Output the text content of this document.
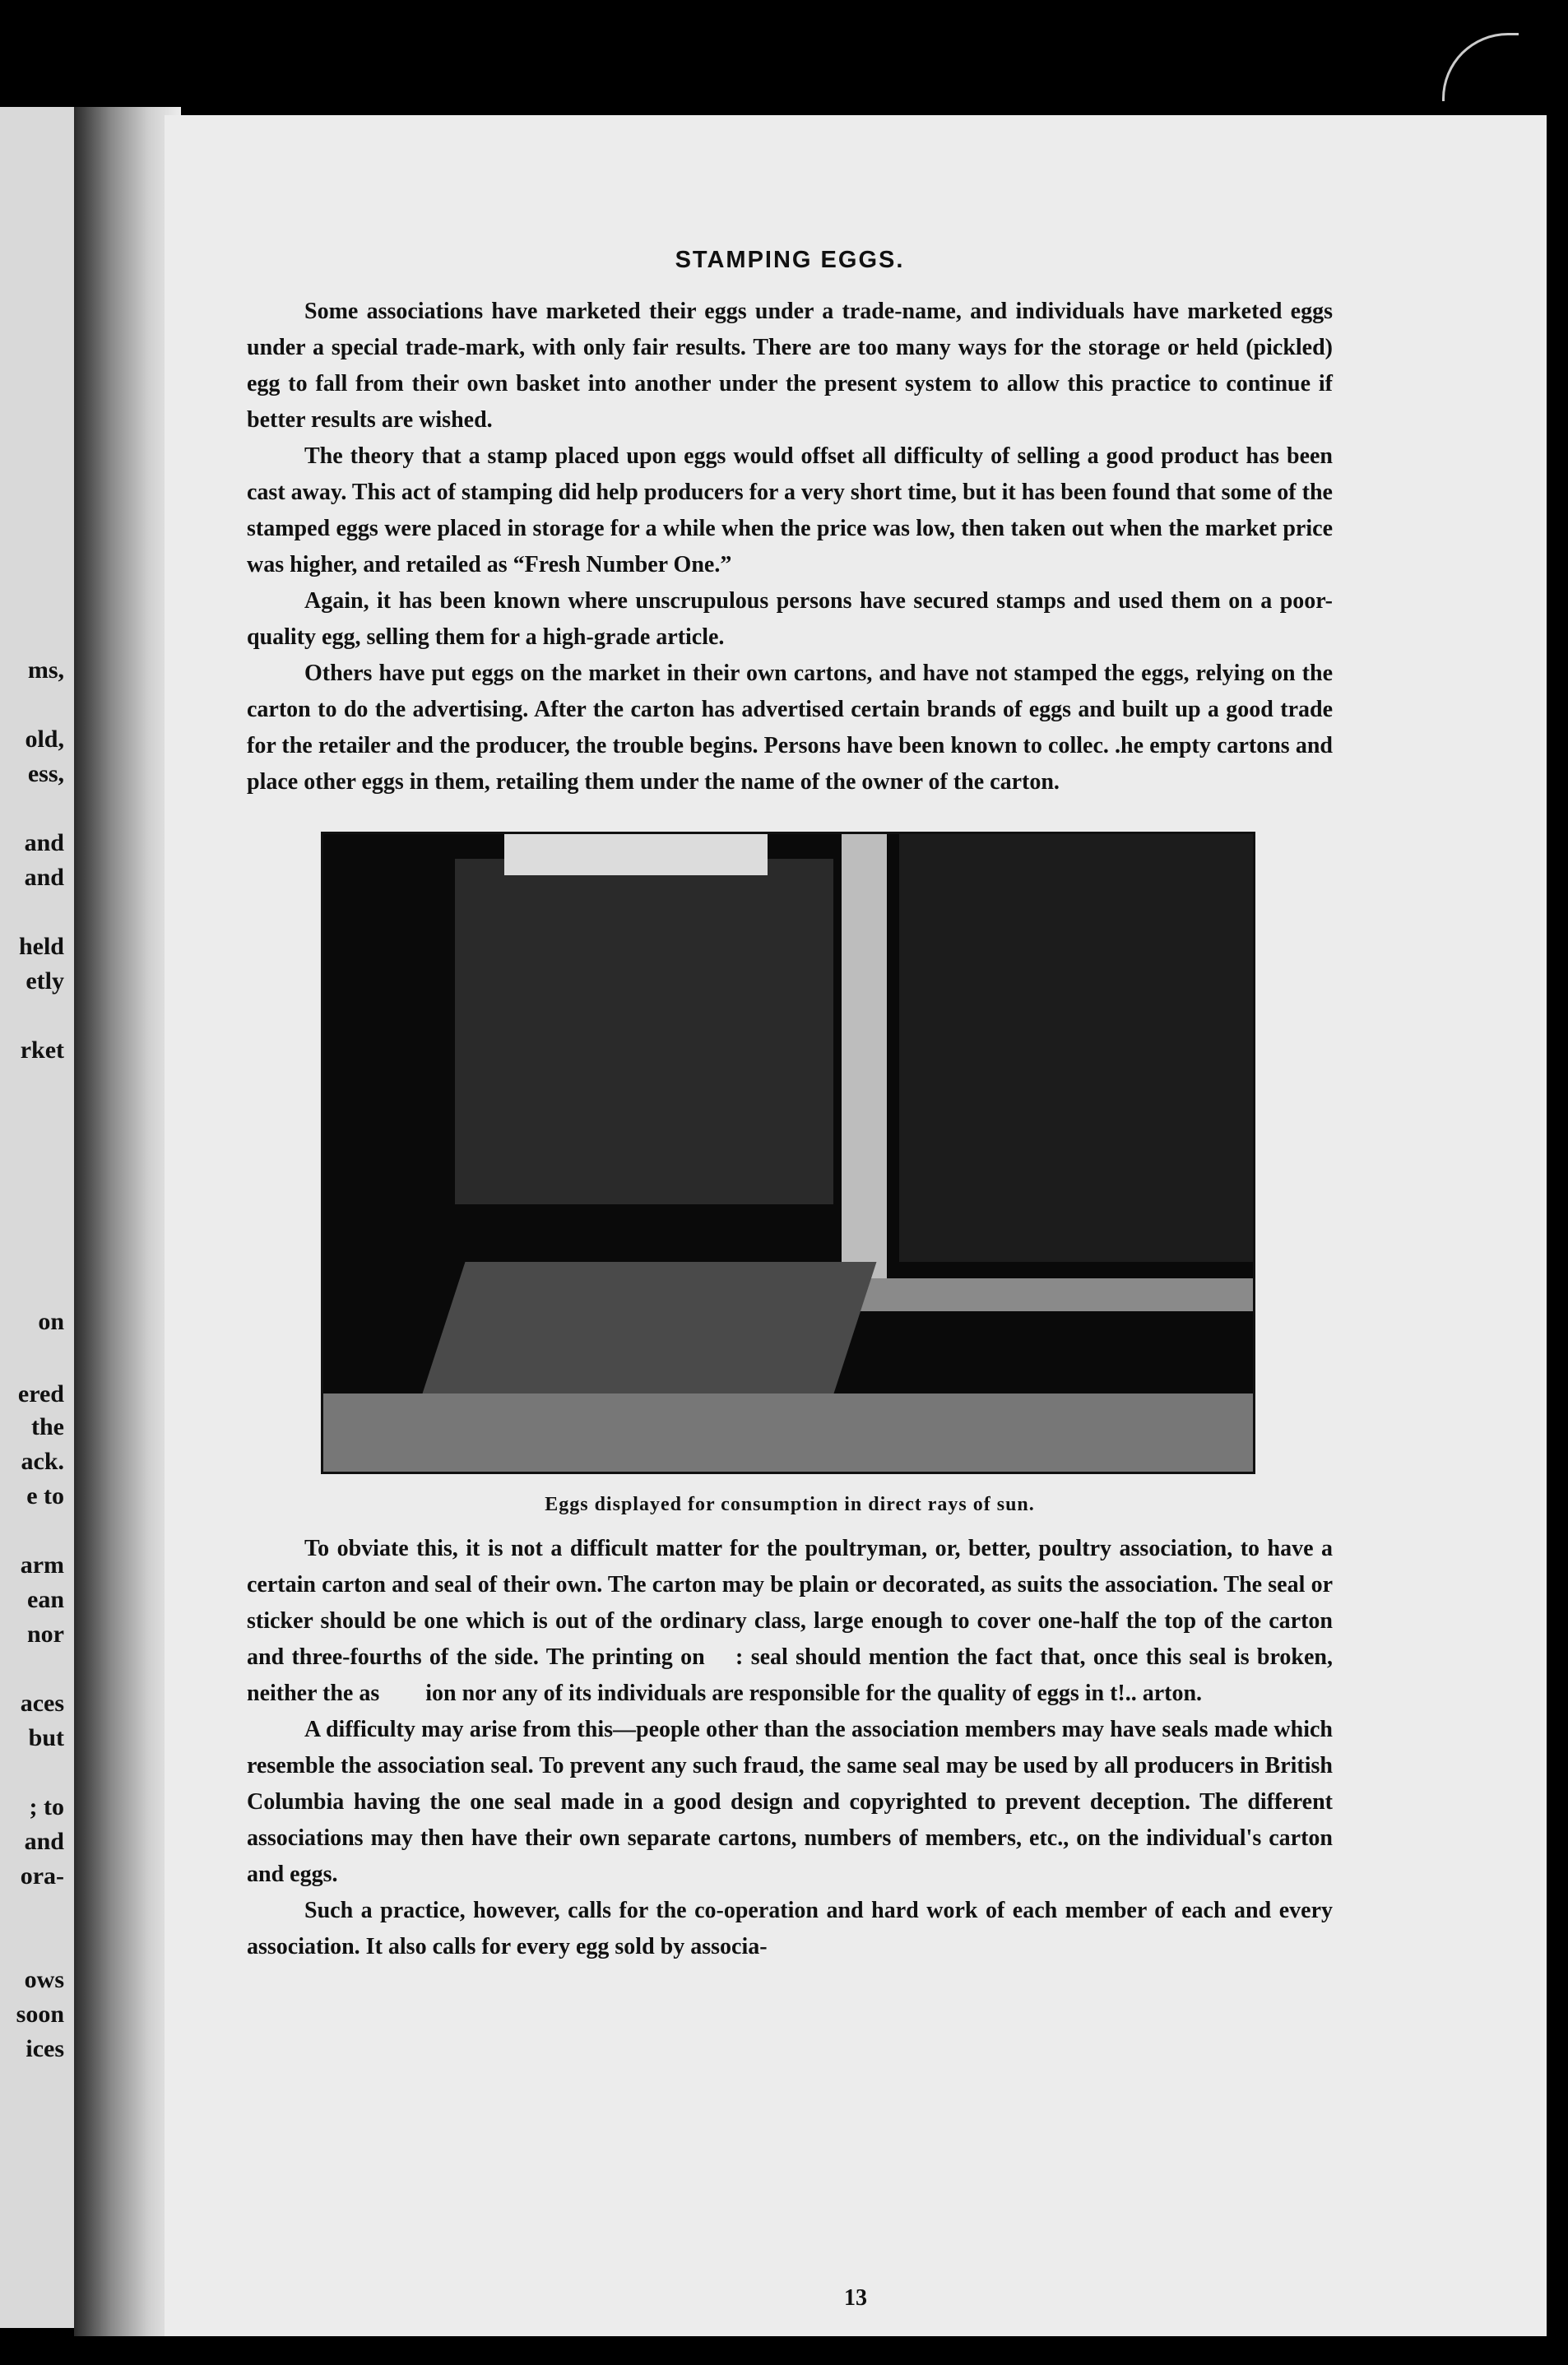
ms,
old,
ess,
and
and
held
etly
rket
on
ered
the
ack.
e to
arm
ean
nor
aces
but
; to
and
ora-
ows
soon
ices
13
STAMPING EGGS.

Some associations have marketed their eggs under a trade-name, and individuals have marketed eggs under a special trade-mark, with only fair results. There are too many ways for the storage or held (pickled) egg to fall from their own basket into another under the present system to allow this practice to continue if better results are wished.

The theory that a stamp placed upon eggs would offset all difficulty of selling a good product has been cast away. This act of stamping did help producers for a very short time, but it has been found that some of the stamped eggs were placed in storage for a while when the price was low, then taken out when the market price was higher, and retailed as “Fresh Number One.”

Again, it has been known where unscrupulous persons have secured stamps and used them on a poor-quality egg, selling them for a high-grade article.

Others have put eggs on the market in their own cartons, and have not stamped the eggs, relying on the carton to do the advertising. After the carton has advertised certain brands of eggs and built up a good trade for the retailer and the producer, the trouble begins. Persons have been known to collec. .he empty cartons and place other eggs in them, retailing them under the name of the owner of the carton.

Eggs displayed for consumption in direct rays of sun.

To obviate this, it is not a difficult matter for the poultryman, or, better, poultry association, to have a certain carton and seal of their own. The carton may be plain or decorated, as suits the association. The seal or sticker should be one which is out of the ordinary class, large enough to cover one-half the top of the carton and three-fourths of the side. The printing on   : seal should mention the fact that, once this seal is broken, neither the as    ion nor any of its individuals are responsible for the quality of eggs in t!.. arton.

A difficulty may arise from this—people other than the association members may have seals made which resemble the association seal. To prevent any such fraud, the same seal may be used by all producers in British Columbia having the one seal made in a good design and copyrighted to prevent deception. The different associations may then have their own separate cartons, numbers of members, etc., on the individual's carton and eggs.

Such a practice, however, calls for the co-operation and hard work of each member of each and every association. It also calls for every egg sold by associa-
